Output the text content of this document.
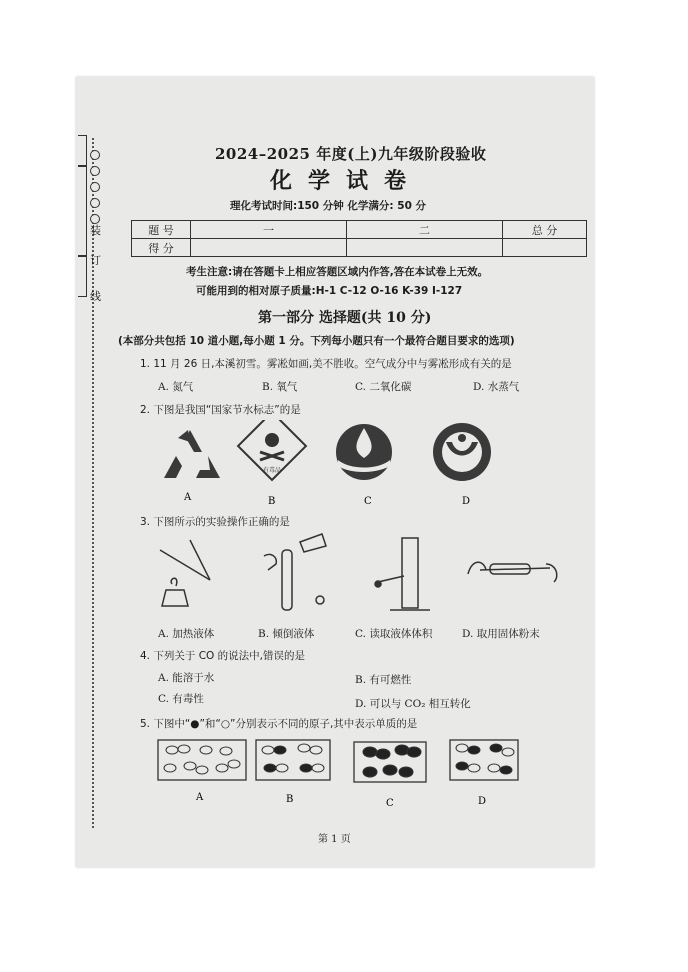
装
订
线
2024–2025 年度(上)九年级阶段验收
化学试卷
理化考试时间:150 分钟 化学满分: 50 分
题 号	一	二	总 分
得 分			
考生注意:请在答题卡上相应答题区域内作答,答在本试卷上无效。
可能用到的相对原子质量:H-1 C-12 O-16 K-39 I-127
第一部分 选择题(共 10 分)
(本部分共包括 10 道小题,每小题 1 分。下列每小题只有一个最符合题目要求的选项)
1. 11 月 26 日,本溪初雪。雾凇如画,美不胜收。空气成分中与雾凇形成有关的是
A. 氮气	B. 氧气	C. 二氧化碳	D. 水蒸气
2. 下图是我国“国家节水标志”的是
有毒品
A	B	C	D
3. 下图所示的实验操作正确的是
A. 加热液体	B. 倾倒液体	C. 读取液体体积	D. 取用固体粉末
4. 下列关于 CO 的说法中,错误的是
A. 能溶于水	B. 有可燃性
C. 有毒性	D. 可以与 CO₂ 相互转化
5. 下图中“●”和“○”分别表示不同的原子,其中表示单质的是
A	B	C	D
第 1 页
